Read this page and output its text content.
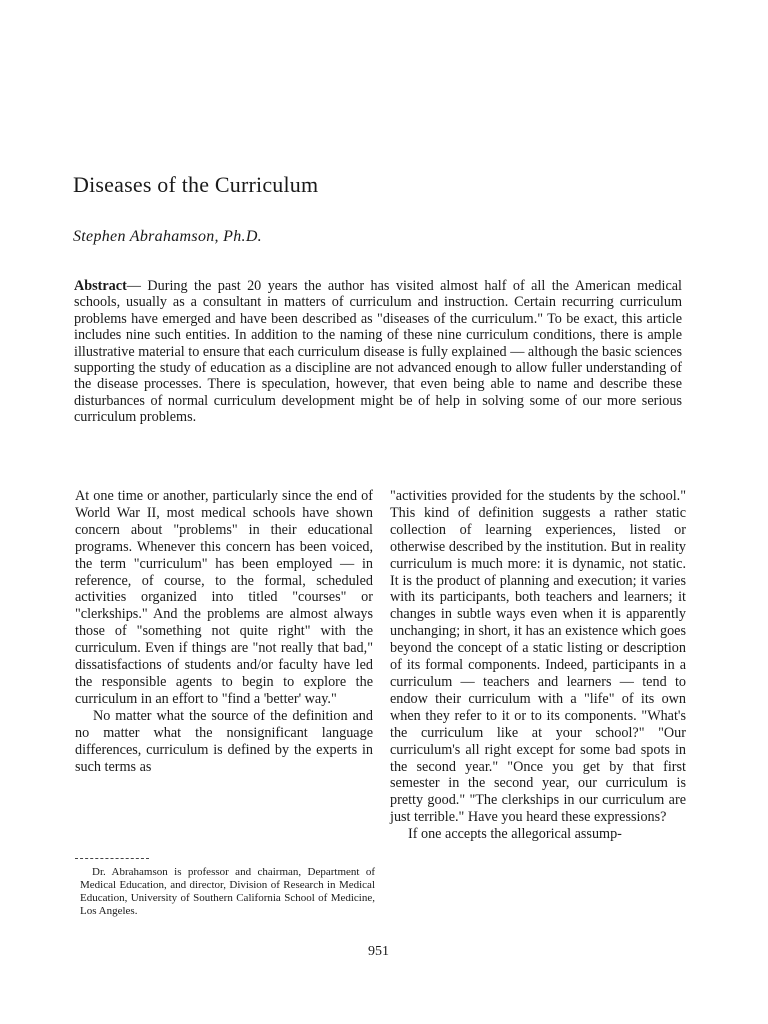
Diseases of the Curriculum
Stephen Abrahamson, Ph.D.

Abstract— During the past 20 years the author has visited almost half of all the American medical schools, usually as a consultant in matters of curriculum and instruction. Certain recurring curriculum problems have emerged and have been described as "diseases of the curriculum." To be exact, this article includes nine such entities. In addition to the naming of these nine curriculum conditions, there is ample illustrative material to ensure that each curriculum disease is fully explained — although the basic sciences supporting the study of education as a discipline are not advanced enough to allow fuller understanding of the disease processes. There is speculation, however, that even being able to name and describe these disturbances of normal curriculum development might be of help in solving some of our more serious curriculum problems.

At one time or another, particularly since the end of World War II, most medical schools have shown concern about "problems" in their educational programs. Whenever this concern has been voiced, the term "curriculum" has been employed — in reference, of course, to the formal, scheduled activities organized into titled "courses" or "clerkships." And the problems are almost always those of "something not quite right" with the curriculum. Even if things are "not really that bad," dissatisfactions of students and/or faculty have led the responsible agents to begin to explore the curriculum in an effort to "find a 'better' way."

No matter what the source of the definition and no matter what the nonsignificant language differences, curriculum is defined by the experts in such terms as

"activities provided for the students by the school." This kind of definition suggests a rather static collection of learning experiences, listed or otherwise described by the institution. But in reality curriculum is much more: it is dynamic, not static. It is the product of planning and execution; it varies with its participants, both teachers and learners; it changes in subtle ways even when it is apparently unchanging; in short, it has an existence which goes beyond the concept of a static listing or description of its formal components. Indeed, participants in a curriculum — teachers and learners — tend to endow their curriculum with a "life" of its own when they refer to it or to its components. "What's the curriculum like at your school?" "Our curriculum's all right except for some bad spots in the second year." "Once you get by that first semester in the second year, our curriculum is pretty good." "The clerkships in our curriculum are just terrible." Have you heard these expressions?

If one accepts the allegorical assump-

Dr. Abrahamson is professor and chairman, Department of Medical Education, and director, Division of Research in Medical Education, University of Southern California School of Medicine, Los Angeles.
951
